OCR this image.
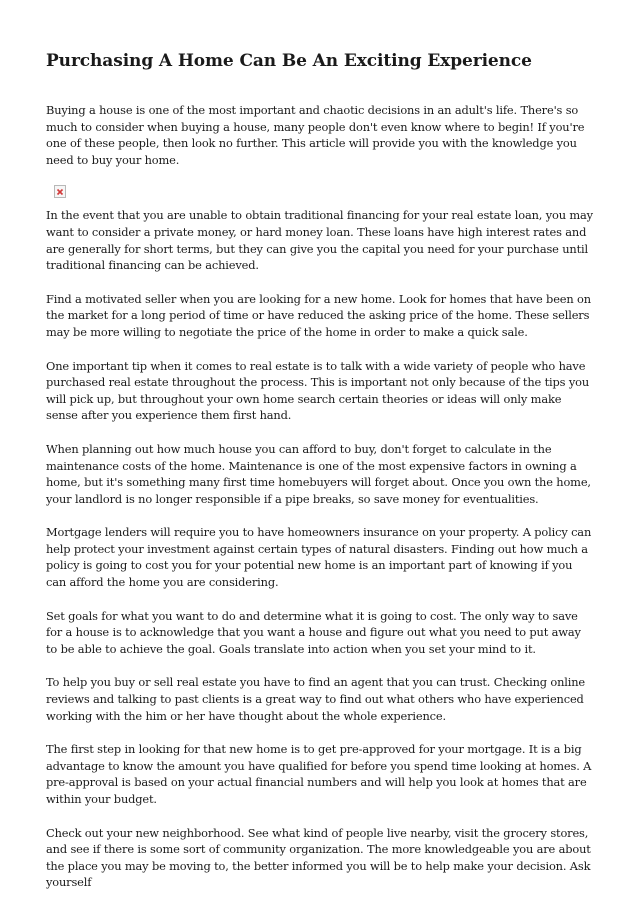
Purchasing A Home Can Be An Exciting Experience

Buying a house is one of the most important and chaotic decisions in an adult's life. There's so much to consider when buying a house, many people don't even know where to begin! If you're one of these people, then look no further. This article will provide you with the knowledge you need to buy your home.

In the event that you are unable to obtain traditional financing for your real estate loan, you may want to consider a private money, or hard money loan. These loans have high interest rates and are generally for short terms, but they can give you the capital you need for your purchase until traditional financing can be achieved.

Find a motivated seller when you are looking for a new home. Look for homes that have been on the market for a long period of time or have reduced the asking price of the home. These sellers may be more willing to negotiate the price of the home in order to make a quick sale.

One important tip when it comes to real estate is to talk with a wide variety of people who have purchased real estate throughout the process. This is important not only because of the tips you will pick up, but throughout your own home search certain theories or ideas will only make sense after you experience them first hand.

When planning out how much house you can afford to buy, don't forget to calculate in the maintenance costs of the home. Maintenance is one of the most expensive factors in owning a home, but it's something many first time homebuyers will forget about. Once you own the home, your landlord is no longer responsible if a pipe breaks, so save money for eventualities.

Mortgage lenders will require you to have homeowners insurance on your property. A policy can help protect your investment against certain types of natural disasters. Finding out how much a policy is going to cost you for your potential new home is an important part of knowing if you can afford the home you are considering.

Set goals for what you want to do and determine what it is going to cost. The only way to save for a house is to acknowledge that you want a house and figure out what you need to put away to be able to achieve the goal. Goals translate into action when you set your mind to it.

To help you buy or sell real estate you have to find an agent that you can trust. Checking online reviews and talking to past clients is a great way to find out what others who have experienced working with the him or her have thought about the whole experience.

The first step in looking for that new home is to get pre-approved for your mortgage. It is a big advantage to know the amount you have qualified for before you spend time looking at homes. A pre-approval is based on your actual financial numbers and will help you look at homes that are within your budget.

Check out your new neighborhood. See what kind of people live nearby, visit the grocery stores, and see if there is some sort of community organization. The more knowledgeable you are about the place you may be moving to, the better informed you will be to help make your decision. Ask yourself
